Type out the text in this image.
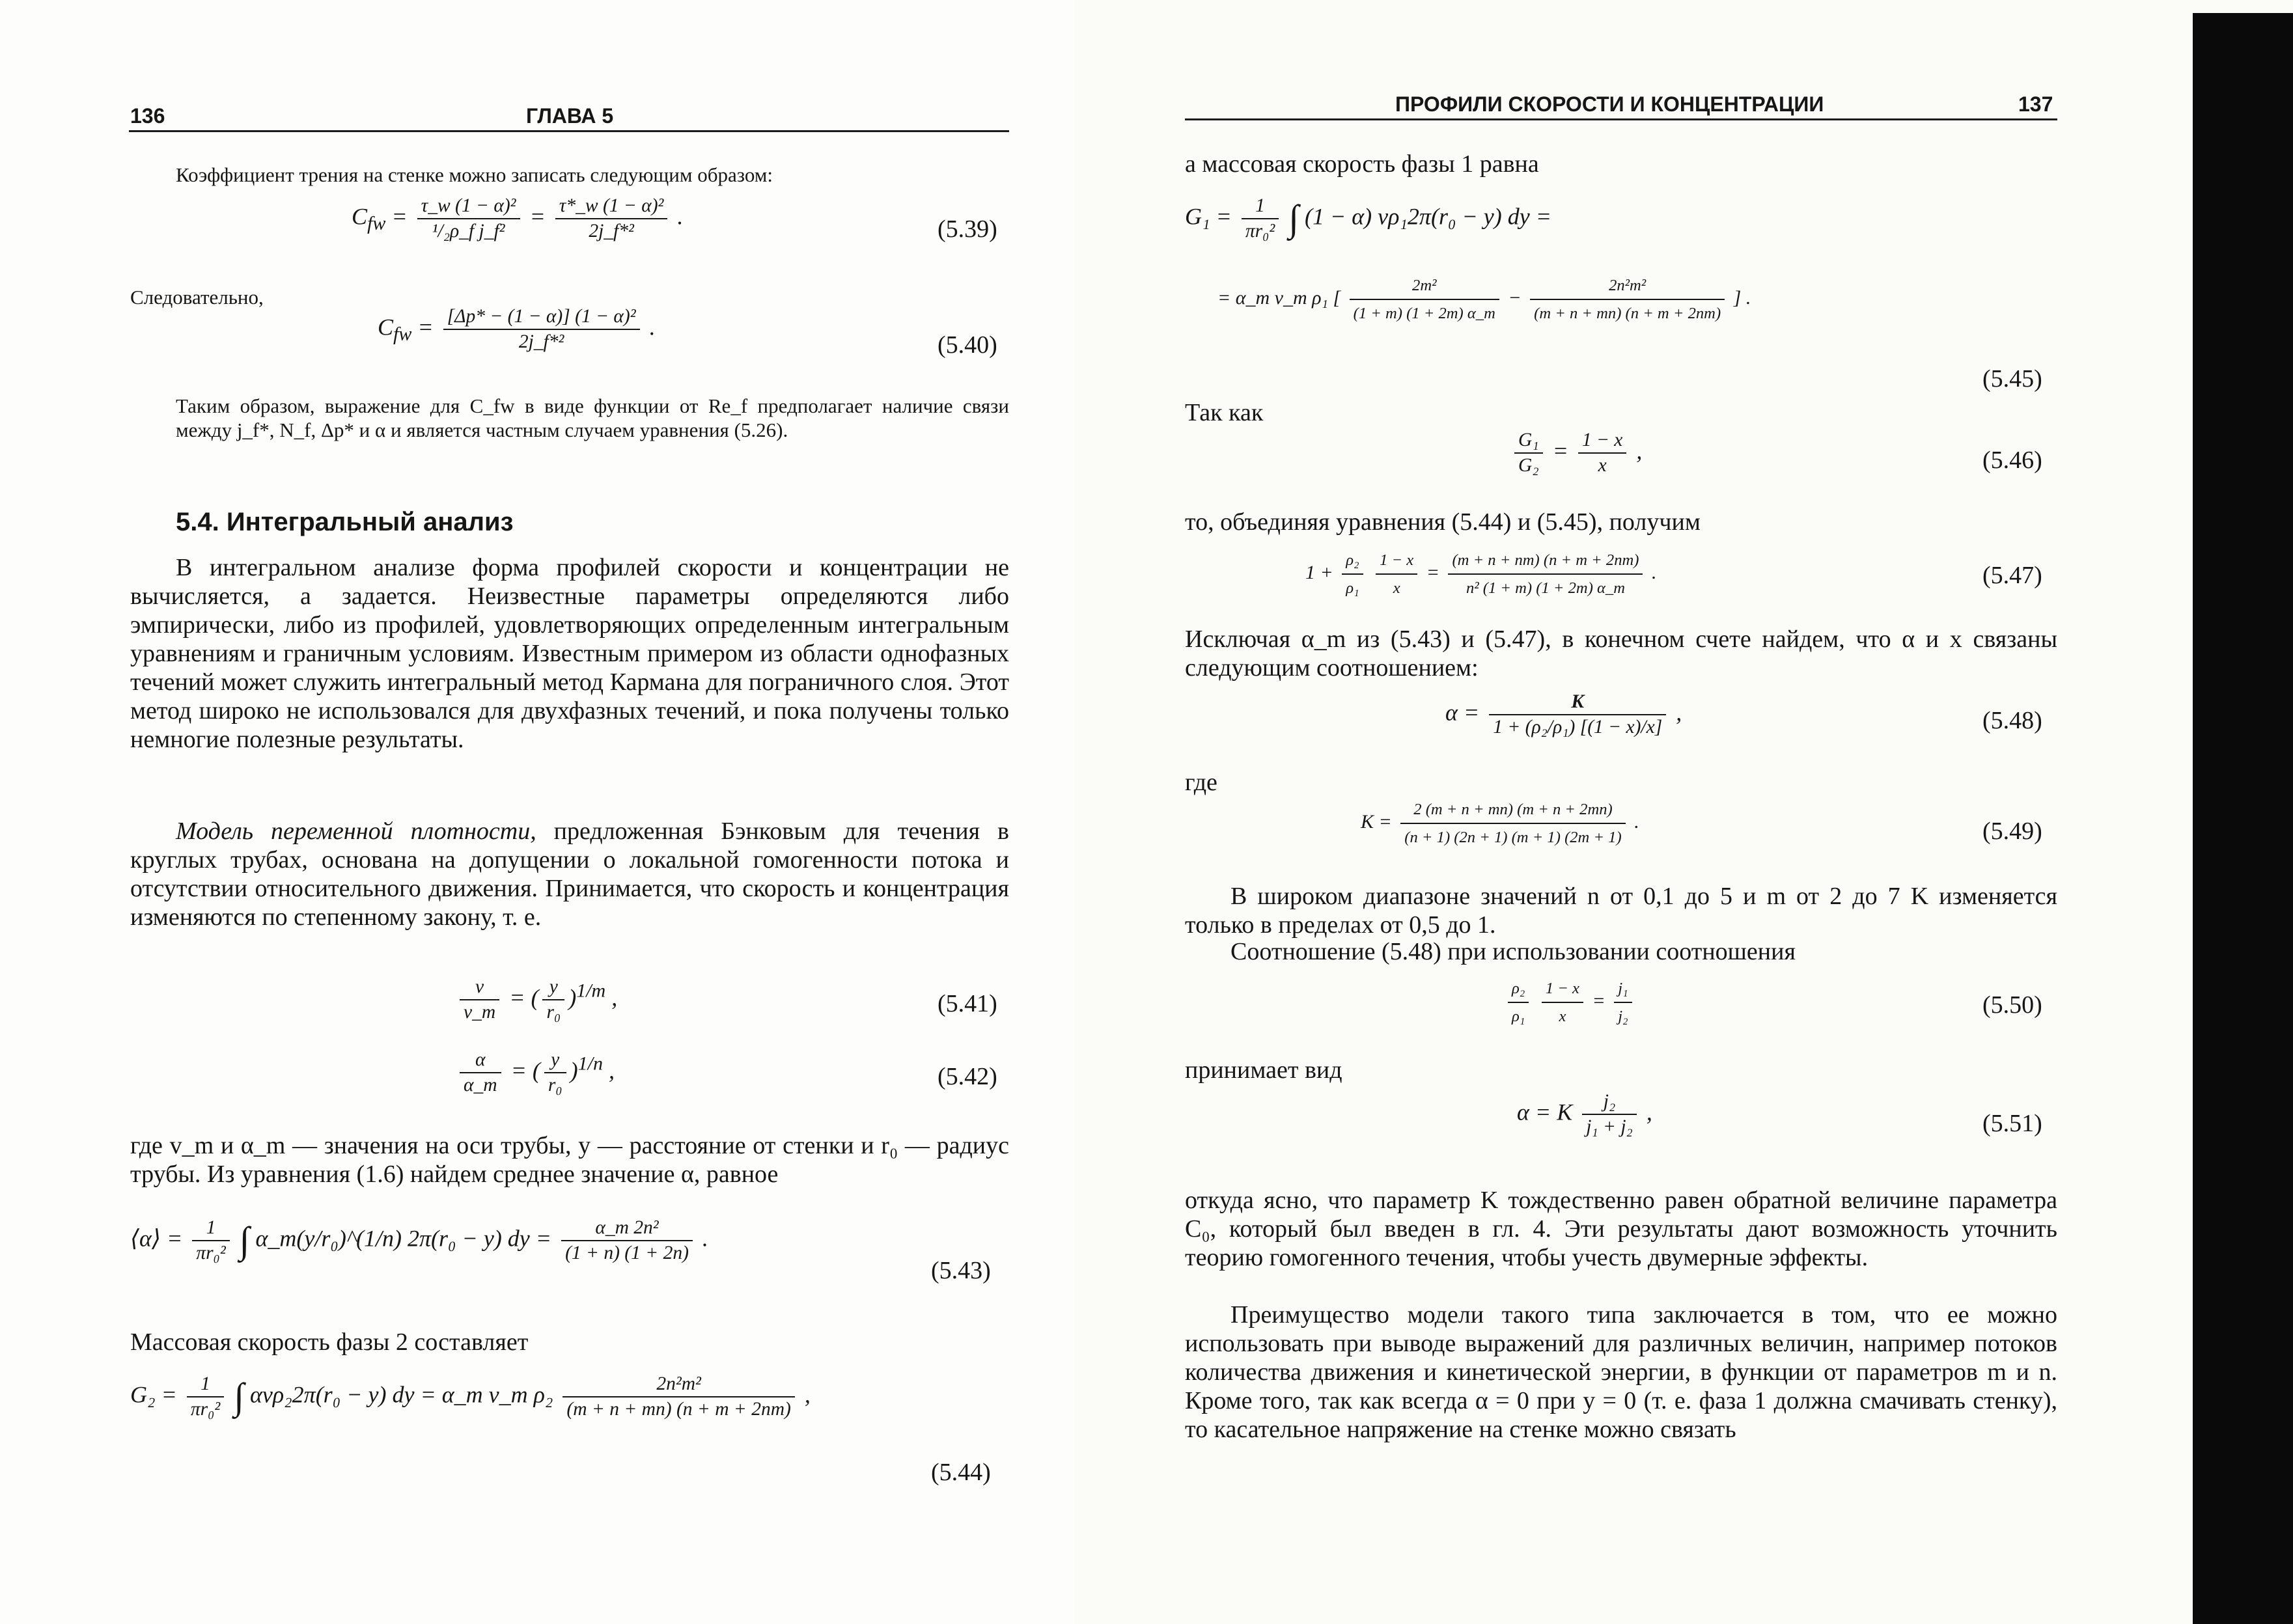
136	ГЛАВА 5
Коэффициент трения на стенке можно записать следующим образом:
$C_{fw} = \frac{\text{τ\_w (1 − α)²}}{\text{¹/₂ρ\_f j\_f²}} = \frac{\text{τ*\_w (1 − α)²}}{\text{2j\_f*²}}$ .	(5.39)
Следовательно,
$C_{fw} = \frac{\text{[Δp* − (1 − α)] (1 − α)²}}{\text{2j\_f*²}}$ .
(5.40)

Таким образом, выражение для C_fw в виде функции от Re_f предполагает наличие связи между j_f*, N_f, Δp* и α и является частным случаем уравнения (5.26).

5.4. Интегральный анализ
В интегральном анализе форма профилей скорости и концентрации не вычисляется, а задается. Неизвестные параметры определяются либо эмпирически, либо из профилей, удовлетворяющих определенным интегральным уравнениям и граничным условиям. Известным примером из области однофазных течений может служить интегральный метод Кармана для пограничного слоя. Этот метод широко не использовался для двухфазных течений, и пока получены только немногие полезные результаты.
Модель переменной плотности, предложенная Бэнковым для течения в круглых трубах, основана на допущении о локальной гомогенности потока и отсутствии относительного движения. Принимается, что скорость и концентрация изменяются по степенному закону, т. е.
$\frac{v}{v\_m}$ = ( $\frac{y}{\text{r₀}} )^{1/m}$ ,	(5.41)
$\frac{\alpha}{\alpha\_m}$ = ( $\frac{y}{\text{r₀}} )^{1/n}$ ,	(5.42)
где v_m и α_m — значения на оси трубы, y — расстояние от стенки и r₀ — радиус трубы. Из уравнения (1.6) найдем среднее значение α, равное
⟨α⟩ = $\frac{1}{\text{πr₀²}}$ ∫ α_m(y/r₀)^(1/n) 2π(r₀ − y) dy = $\frac{\text{α\_m 2n²}}{(1 + n) (1 + 2n)}$ .
(5.43)
Массовая скорость фазы 2 составляет
$G_2 = \frac{1}{\text{πr₀²}}$ ∫ αvρ₂2π(r₀ − y) dy = α_m v_m $\rho_2 \frac{\text{2n²m²}}{(m + n + mn) (n + m + 2nm)}$ ,
(5.44)
ПРОФИЛИ СКОРОСТИ И КОНЦЕНТРАЦИИ	137
а массовая скорость фазы 1 равна
$G_1 = \frac{1}{\text{πr₀²}}$ ∫ (1 − α) vρ₁2π(r₀ − y) dy =
= α_m v_m ρ₁ [ $\frac{\text{2m²}}{(1 + m) (1 + 2m) \alpha\_m} - \frac{\text{2n²m²}}{(m + n + mn) (n + m + 2nm)}$ ] .
(5.45)
Так как
$\frac{\text{G₁}}{\text{G₂}} = \frac{1 - x}{x}$ ,	(5.46)
то, объединяя уравнения (5.44) и (5.45), получим
$1 + \frac{\text{ρ₂}}{\text{ρ₁}}$
$\frac{1 - x}{x} = \frac{(m + n + nm) (n + m + 2nm)}{\text{n² (1 + m) (1 + 2m) α\_m}}$ .	(5.47)
Исключая α_m из (5.43) и (5.47), в конечном счете найдем, что α и x связаны следующим соотношением:
$\alpha = \frac{K}{\text{1 + (ρ₂/ρ₁) [(1 − x)/x]}}$ ,	(5.48)
где
$K = \frac{2 (m + n + mn) (m + n + 2mn)}{(n + 1) (2n + 1) (m + 1) (2m + 1)}$ .	(5.49)
В широком диапазоне значений n от 0,1 до 5 и m от 2 до 7 K изменяется только в пределах от 0,5 до 1.
Соотношение (5.48) при использовании соотношения
$\frac{\text{ρ₂}}{\text{ρ₁}}$
$\frac{1 - x}{x} = \frac{\text{j₁}}{\text{j₂}}$	(5.50)
принимает вид
α = K $\frac{\text{j₂}}{\text{j₁ + j₂}}$ ,	(5.51)
откуда ясно, что параметр K тождественно равен обратной величине параметра C₀, который был введен в гл. 4. Эти результаты дают возможность уточнить теорию гомогенного течения, чтобы учесть двумерные эффекты.
Преимущество модели такого типа заключается в том, что ее можно использовать при выводе выражений для различных величин, например потоков количества движения и кинетической энергии, в функции от параметров m и n. Кроме того, так как всегда α = 0 при y = 0 (т. е. фаза 1 должна смачивать стенку), то касательное напряжение на стенке можно связать
